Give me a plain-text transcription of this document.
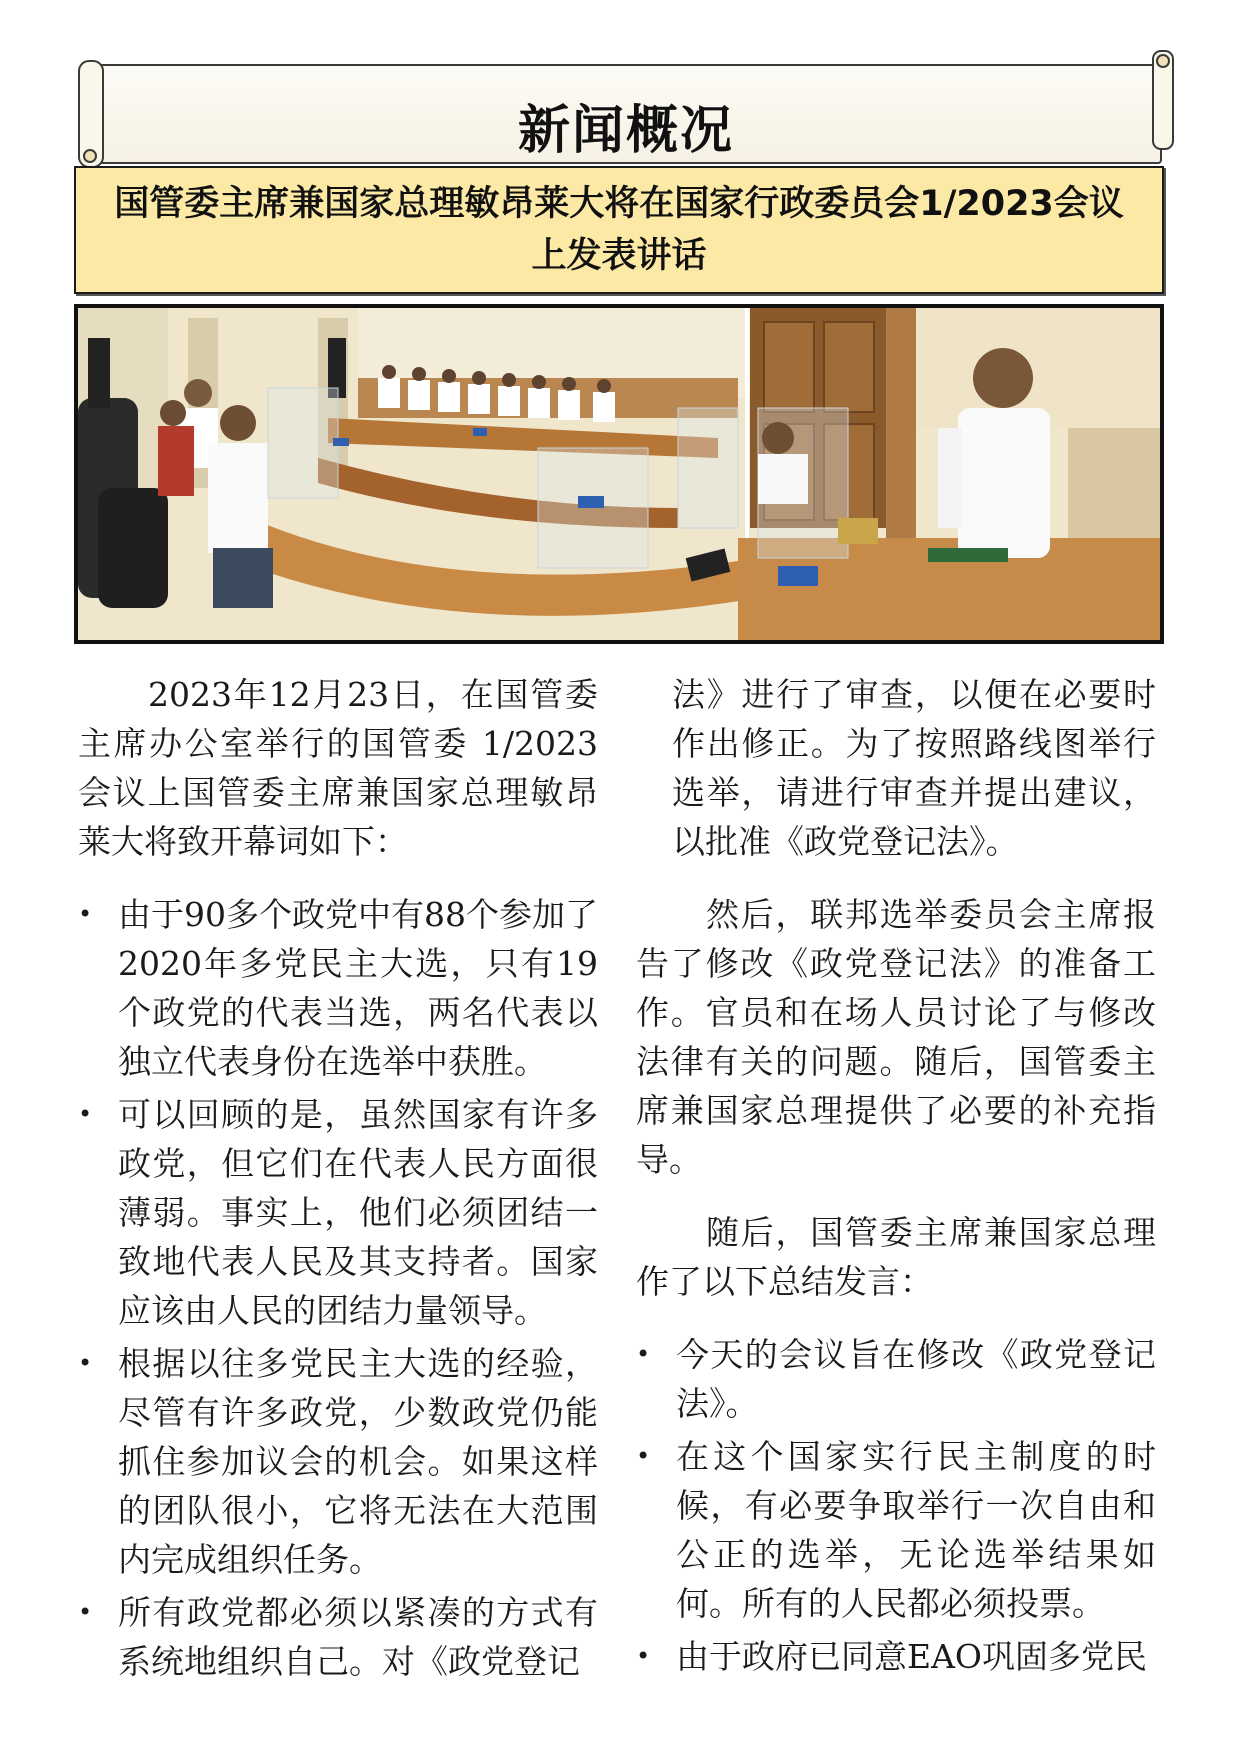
新闻概况
国管委主席兼国家总理敏昂莱大将在国家行政委员会1/2023会议
上发表讲话

2023年12月23日，在国管委主席办公室举行的国管委 1/2023会议上国管委主席兼国家总理敏昂莱大将致开幕词如下：

• 由于90多个政党中有88个参加了2020年多党民主大选，只有19个政党的代表当选，两名代表以独立代表身份在选举中获胜。
• 可以回顾的是，虽然国家有许多政党，但它们在代表人民方面很薄弱。事实上，他们必须团结一致地代表人民及其支持者。国家应该由人民的团结力量领导。
• 根据以往多党民主大选的经验，尽管有许多政党，少数政党仍能抓住参加议会的机会。如果这样的团队很小，它将无法在大范围内完成组织任务。
• 所有政党都必须以紧凑的方式有系统地组织自己。对《政党登记

法》进行了审查，以便在必要时作出修正。为了按照路线图举行选举，请进行审查并提出建议，以批准《政党登记法》。

然后，联邦选举委员会主席报告了修改《政党登记法》的准备工作。官员和在场人员讨论了与修改法律有关的问题。随后，国管委主席兼国家总理提供了必要的补充指导。

随后，国管委主席兼国家总理作了以下总结发言：

• 今天的会议旨在修改《政党登记法》。
• 在这个国家实行民主制度的时候，有必要争取举行一次自由和公正的选举，无论选举结果如何。所有的人民都必须投票。
• 由于政府已同意EAO巩固多党民
